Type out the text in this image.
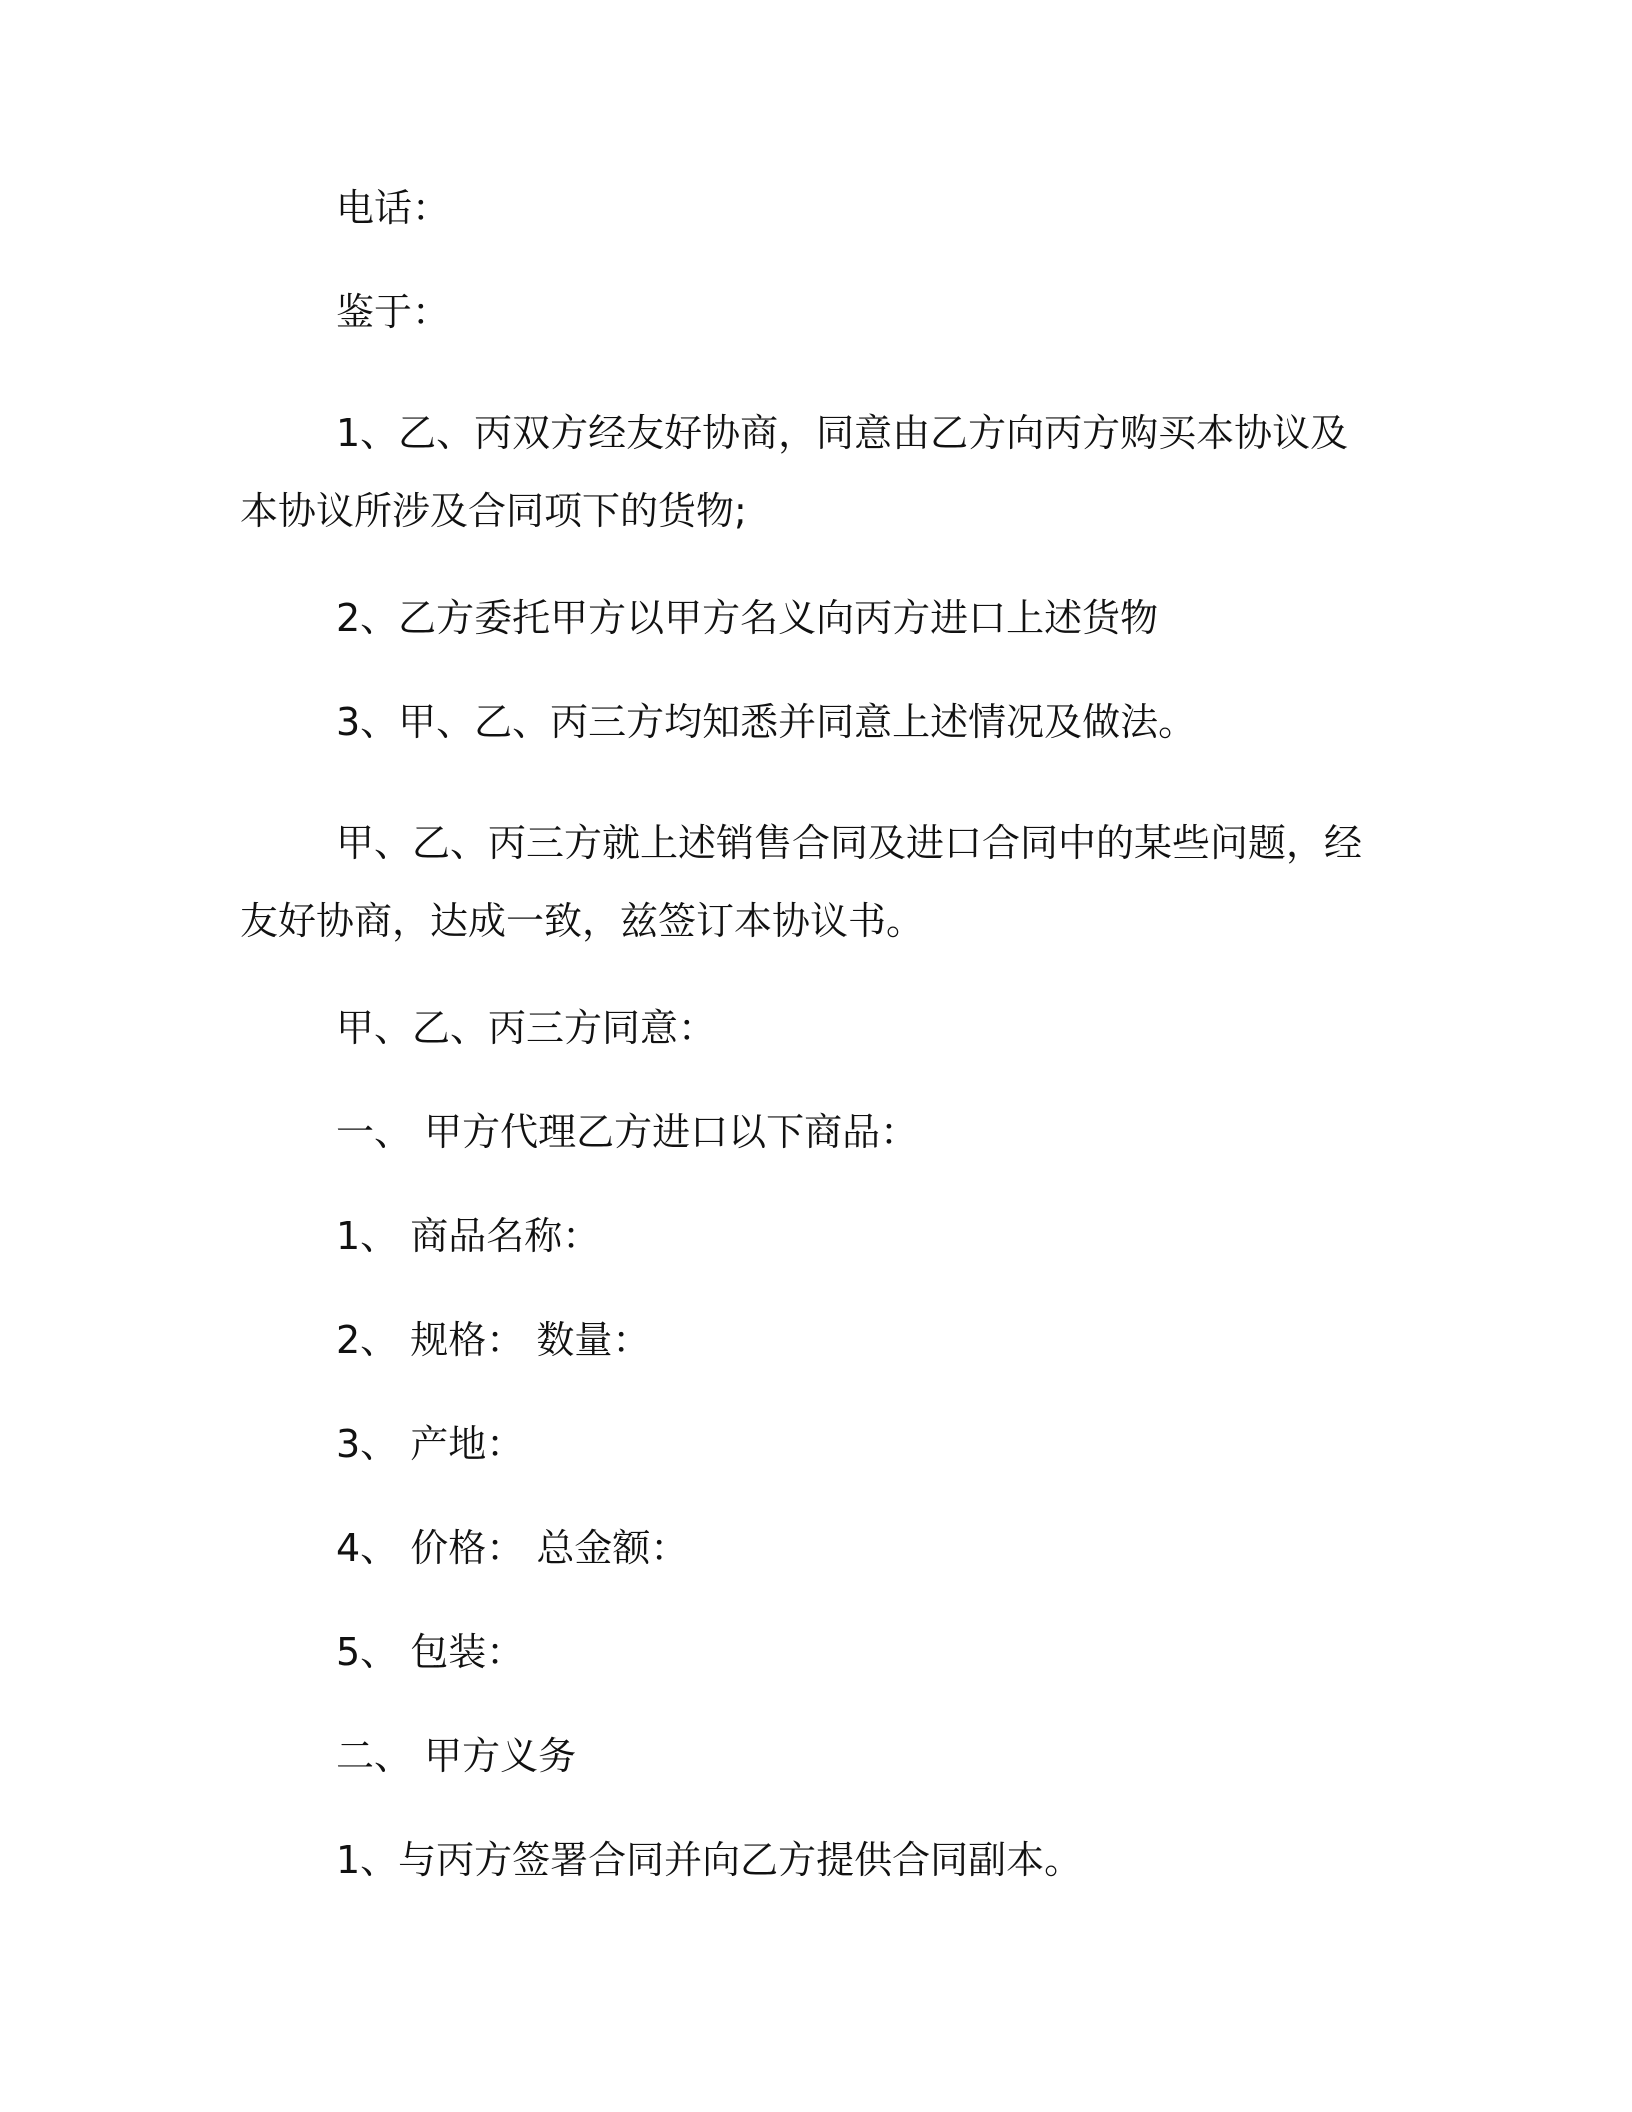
电话：

鉴于：

1、乙、丙双方经友好协商，同意由乙方向丙方购买本协议及本协议所涉及合同项下的货物;

2、乙方委托甲方以甲方名义向丙方进口上述货物

3、甲、乙、丙三方均知悉并同意上述情况及做法。

甲、乙、丙三方就上述销售合同及进口合同中的某些问题，经友好协商，达成一致，兹签订本协议书。

甲、乙、丙三方同意：

一、 甲方代理乙方进口以下商品：

1、 商品名称：

2、 规格： 数量：

3、 产地：

4、 价格： 总金额：

5、 包装：

二、 甲方义务

1、与丙方签署合同并向乙方提供合同副本。
